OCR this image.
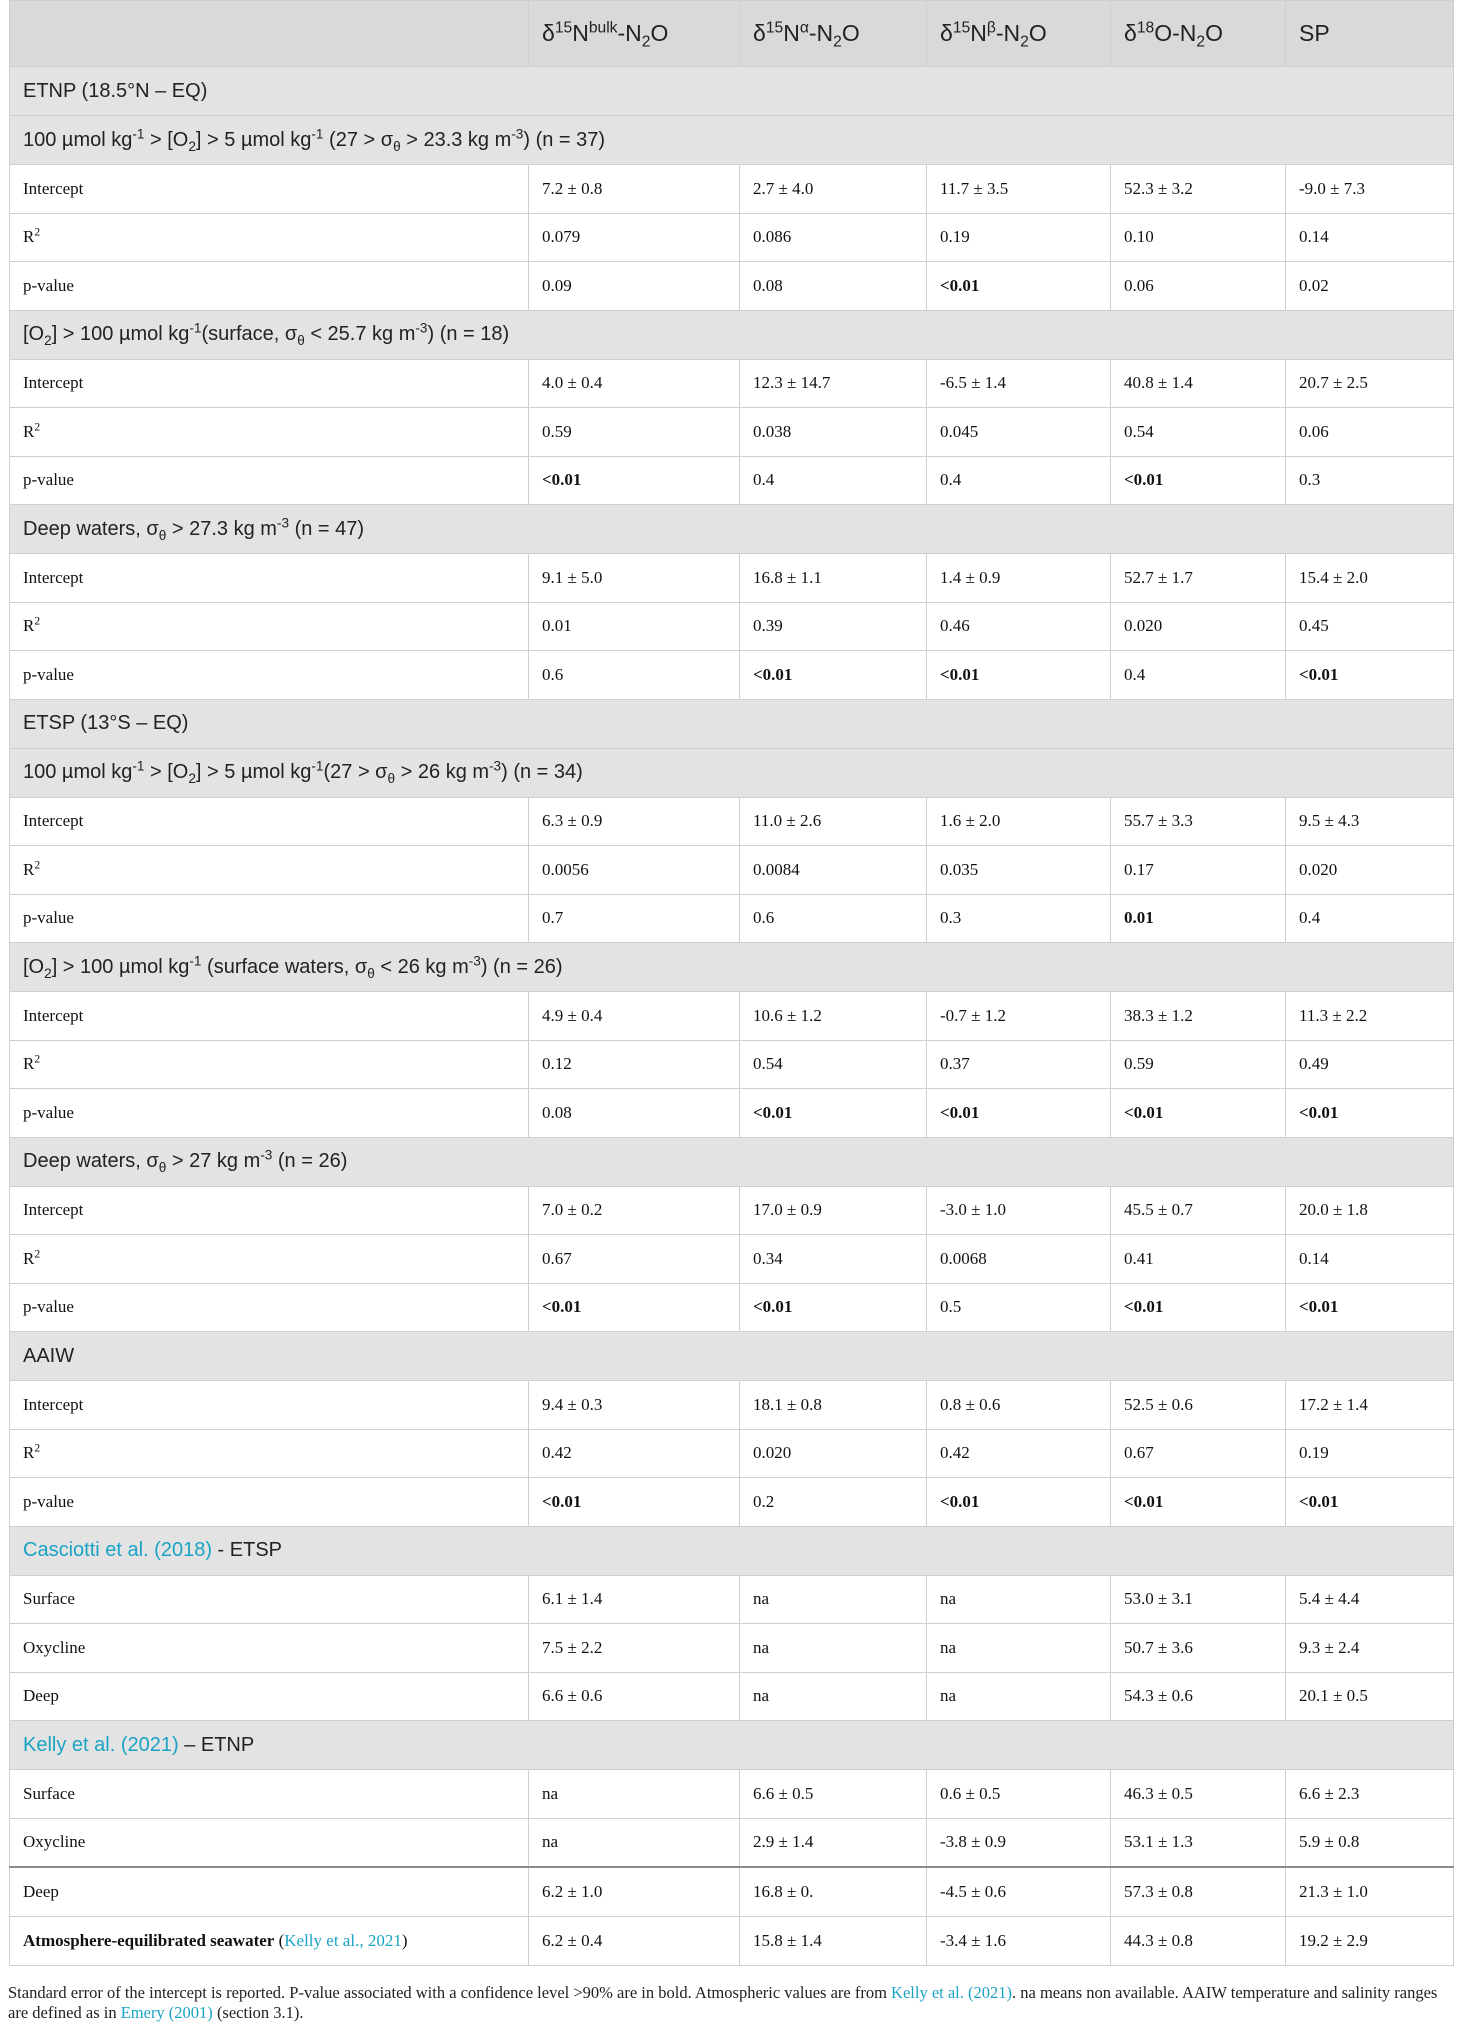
	$\delta^{15}N^{bulk}-N_2O$	$\delta^{15}N^\alpha-N_2O$	$\delta^{15}N^\beta-N_2O$	$\delta^{18}O-N_2O$	SP
ETNP (18.5°N – EQ)					
100 µmol $kg^{-1} > [O_2] > 5$ µmol $kg^{-1}$ ($27 > \sigma_\theta > 23.3$ kg $m^{-3}$) (n = 37)					
Intercept	7.2 ± 0.8	2.7 ± 4.0	11.7 ± 3.5	52.3 ± 3.2	-9.0 ± 7.3
$R^2$	0.079	0.086	0.19	0.10	0.14
p-value	0.09	0.08	<0.01	0.06	0.02
$[O_2] > 100$ µmol $kg^{-1}(surface$, $\sigma_\theta < 25.7$ kg $m^{-3}$) (n = 18)					
Intercept	4.0 ± 0.4	12.3 ± 14.7	-6.5 ± 1.4	40.8 ± 1.4	20.7 ± 2.5
$R^2$	0.59	0.038	0.045	0.54	0.06
p-value	<0.01	0.4	0.4	<0.01	0.3
Deep waters, $\sigma_\theta > 27.3$ kg $m^{-3}$ (n = 47)					
Intercept	9.1 ± 5.0	16.8 ± 1.1	1.4 ± 0.9	52.7 ± 1.7	15.4 ± 2.0
$R^2$	0.01	0.39	0.46	0.020	0.45
p-value	0.6	<0.01	<0.01	0.4	<0.01
ETSP (13°S – EQ)					
100 µmol $kg^{-1} > [O_2] > 5$ µmol $kg^{-1}(27 > \sigma_\theta > 26$ kg $m^{-3}$) (n = 34)					
Intercept	6.3 ± 0.9	11.0 ± 2.6	1.6 ± 2.0	55.7 ± 3.3	9.5 ± 4.3
$R^2$	0.0056	0.0084	0.035	0.17	0.020
p-value	0.7	0.6	0.3	0.01	0.4
$[O_2] > 100$ µmol $kg^{-1}$ (surface waters, $\sigma_\theta < 26$ kg $m^{-3}$) (n = 26)					
Intercept	4.9 ± 0.4	10.6 ± 1.2	-0.7 ± 1.2	38.3 ± 1.2	11.3 ± 2.2
$R^2$	0.12	0.54	0.37	0.59	0.49
p-value	0.08	<0.01	<0.01	<0.01	<0.01
Deep waters, $\sigma_\theta > 27$ kg $m^{-3}$ (n = 26)					
Intercept	7.0 ± 0.2	17.0 ± 0.9	-3.0 ± 1.0	45.5 ± 0.7	20.0 ± 1.8
$R^2$	0.67	0.34	0.0068	0.41	0.14
p-value	<0.01	<0.01	0.5	<0.01	<0.01
AAIW					
Intercept	9.4 ± 0.3	18.1 ± 0.8	0.8 ± 0.6	52.5 ± 0.6	17.2 ± 1.4
$R^2$	0.42	0.020	0.42	0.67	0.19
p-value	<0.01	0.2	<0.01	<0.01	<0.01
Casciotti et al. (2018) - ETSP					
Surface	6.1 ± 1.4	na	na	53.0 ± 3.1	5.4 ± 4.4
Oxycline	7.5 ± 2.2	na	na	50.7 ± 3.6	9.3 ± 2.4
Deep	6.6 ± 0.6	na	na	54.3 ± 0.6	20.1 ± 0.5
Kelly et al. (2021) – ETNP					
Surface	na	6.6 ± 0.5	0.6 ± 0.5	46.3 ± 0.5	6.6 ± 2.3
Oxycline	na	2.9 ± 1.4	-3.8 ± 0.9	53.1 ± 1.3	5.9 ± 0.8
Deep	6.2 ± 1.0	16.8 ± 0.	-4.5 ± 0.6	57.3 ± 0.8	21.3 ± 1.0
Atmosphere-equilibrated seawater (Kelly et al., 2021)	6.2 ± 0.4	15.8 ± 1.4	-3.4 ± 1.6	44.3 ± 0.8	19.2 ± 2.9
Standard error of the intercept is reported. P-value associated with a confidence level >90% are in bold. Atmospheric values are from Kelly et al. (2021). na means non available. AAIW temperature and salinity ranges are defined as in Emery (2001) (section 3.1).
